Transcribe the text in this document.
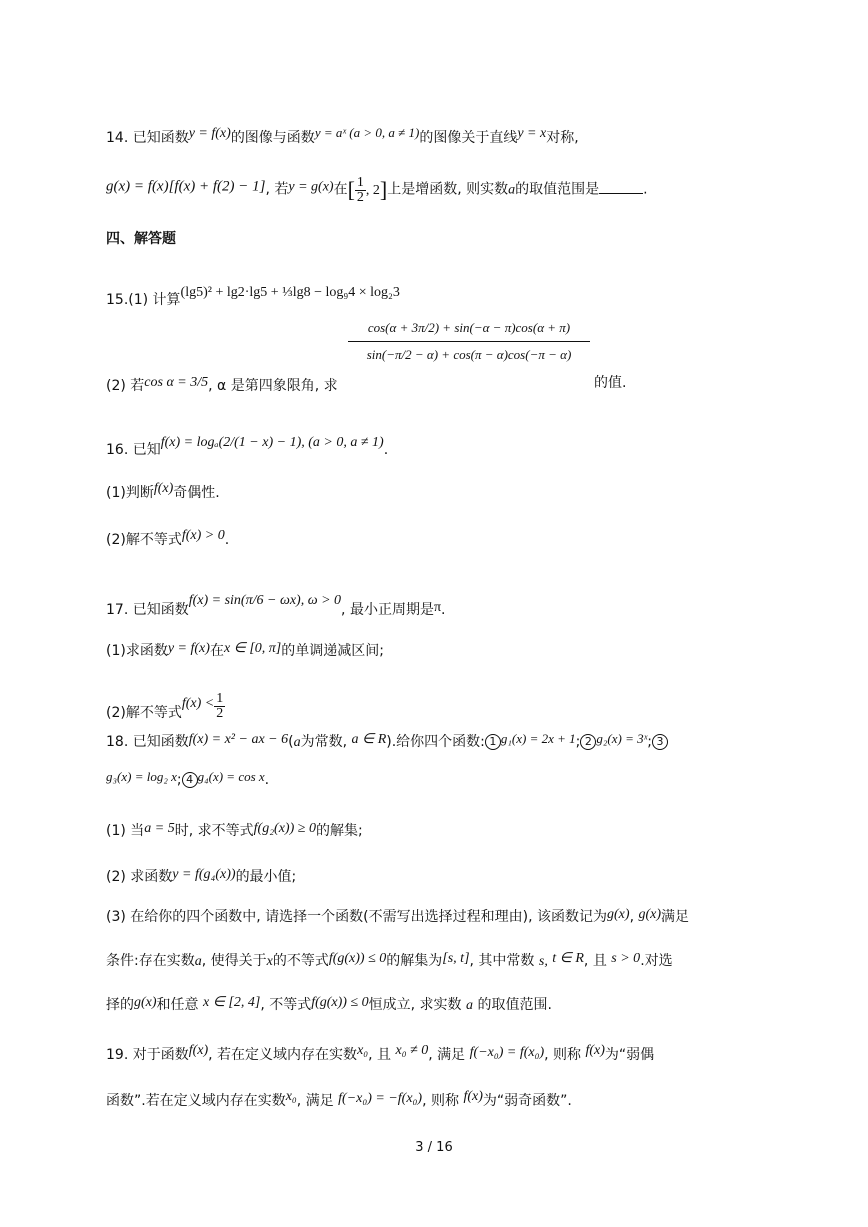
14. 已知函数y = f(x)的图像与函数y = aˣ (a > 0, a ≠ 1)的图像关于直线y = x对称,
g(x) = f(x)[f(x) + f(2) − 1], 若y = g(x)在[ $\frac{1}{2}$ , 2]上是增函数, 则实数a的取值范围是	.
四、解答题
15.(1) 计算(lg5)² + lg2·lg5 + ⅓lg8 − log₉4 × log₂3
(2) 若cos α = 3/5, α 是第四象限角, 求
$\frac{\cos(\alpha + 3\pi/2) + \sin(-\alpha - \pi)\cos(\alpha + \pi)}{\sin(-\pi/2 - \alpha) + \cos(\pi - \alpha)\cos(-\pi - \alpha)}$
的值.
16. 已知f(x) = logₐ(2/(1 − x) − 1), (a > 0, a ≠ 1).
(1)判断f(x)奇偶性.
(2)解不等式f(x) > 0.
17. 已知函数f(x) = sin(π/6 − ωx), ω > 0, 最小正周期是π.
(1)求函数y = f(x)在x ∈ [0, π]的单调递减区间;
(2)解不等式$f(x) < \frac{1}{2}$
18. 已知函数f(x) = x² − ax − 6(a为常数, a ∈ R).给你四个函数: 1 g₁(x) = 2x + 1; 2 g₂(x) = 3ˣ; 3
g₃(x) = log₂ x; 4 g₄(x) = cos x.
(1) 当a = 5时, 求不等式f(g₂(x)) ≥ 0的解集;
(2) 求函数y = f(g₄(x))的最小值;
(3) 在给你的四个函数中, 请选择一个函数(不需写出选择过程和理由), 该函数记为g(x), g(x)满足
条件:存在实数a, 使得关于x的不等式f(g(x)) ≤ 0的解集为[s, t], 其中常数 s, t ∈ R, 且 s > 0.对选
择的g(x)和任意 x ∈ [2, 4], 不等式f(g(x)) ≤ 0恒成立, 求实数 a 的取值范围.
19. 对于函数f(x), 若在定义域内存在实数x₀, 且 x₀ ≠ 0, 满足 f(−x₀) = f(x₀), 则称 f(x)为“弱偶
函数”.若在定义域内存在实数x₀, 满足 f(−x₀) = −f(x₀), 则称 f(x)为“弱奇函数”.
3 / 16
